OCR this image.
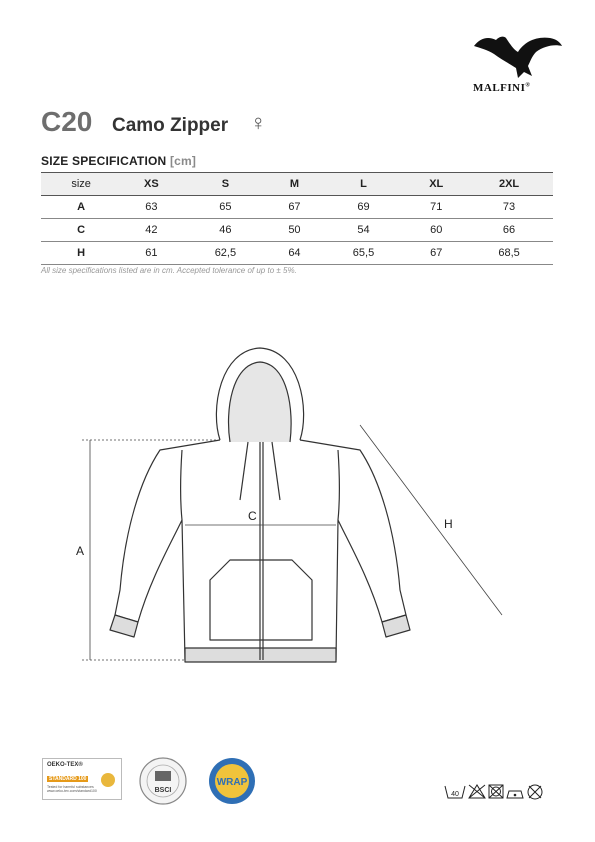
MALFINI®
C20 Camo Zipper ♀
SIZE SPECIFICATION [cm]
size	XS	S	M	L	XL	2XL
A	63	65	67	69	71	73
C	42	46	50	54	60	66
H	61	62,5	64	65,5	67	68,5
All size specifications listed are in cm. Accepted tolerance of up to ± 5%.
A
C
H
OEKO-TEX®
STANDARD 100
Tested for harmful substances www.oeko-tex.com/standard100	BSCI
WRAP
40
